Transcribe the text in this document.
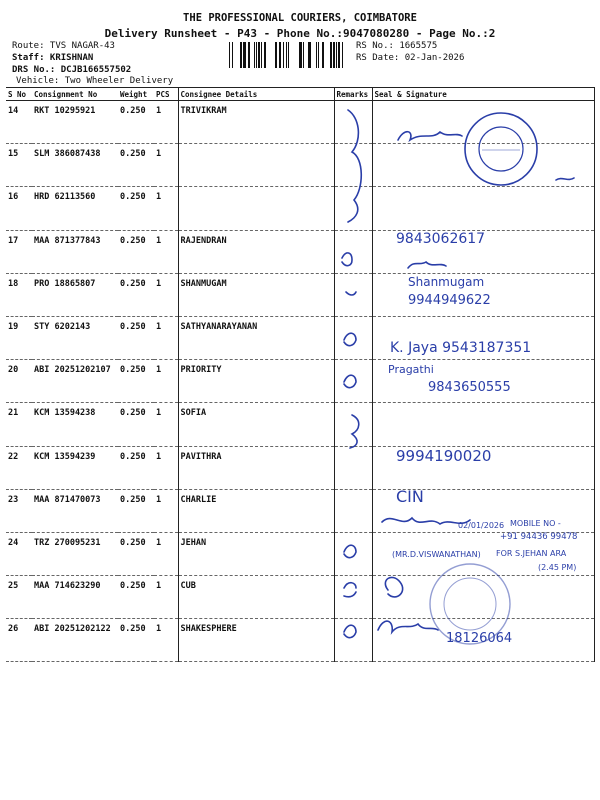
THE PROFESSIONAL COURIERS, COIMBATORE
Delivery Runsheet - P43 - Phone No.:9047080280 - Page No.:2
Route: TVS NAGAR-43
Staff: KRISHNAN
DRS No.: DCJB166557502
Vehicle: Two Wheeler Delivery
RS No.: 1665575
RS Date: 02-Jan-2026
S No	Consignment No	Weight	PCS	Consignee Details	Remarks	Seal & Signature
14	RKT 10295921	0.250	1	TRIVIKRAM		
15	SLM 386087438	0.250	1			
16	HRD 62113560	0.250	1			
17	MAA 871377843	0.250	1	RAJENDRAN		
18	PRO 18865807	0.250	1	SHANMUGAM		
19	STY 6202143	0.250	1	SATHYANARAYANAN		
20	ABI 20251202107	0.250	1	PRIORITY		
21	KCM 13594238	0.250	1	SOFIA		
22	KCM 13594239	0.250	1	PAVITHRA		
23	MAA 871470073	0.250	1	CHARLIE		
24	TRZ 270095231	0.250	1	JEHAN		
25	MAA 714623290	0.250	1	CUB		
26	ABI 20251202122	0.250	1	SHAKESPHERE		
9843062617
Shanmugam
9944949622
K. Jaya 9543187351
Pragathi
9843650555
9994190020
CIN
02/01/2026 MOBILE NO -
+91 94436 99478
(MR.D.VISWANATHAN) FOR S.JEHAN ARA
(2.45 PM)
18126064
